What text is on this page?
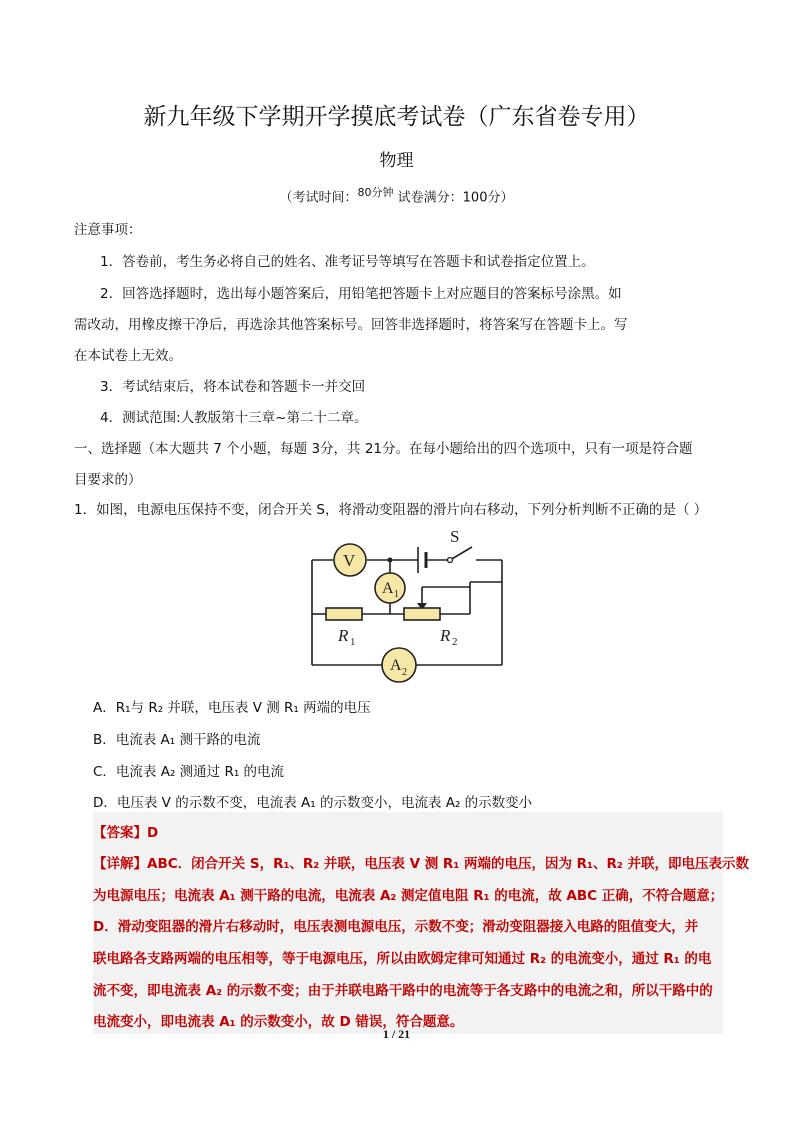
新九年级下学期开学摸底考试卷（广东省卷专用）
物理
（考试时间：$^{80分钟}$ 试卷满分：100分）
注意事项：
1．答卷前，考生务必将自己的姓名、准考证号等填写在答题卡和试卷指定位置上。
2．回答选择题时，选出每小题答案后，用铅笔把答题卡上对应题目的答案标号涂黑。如
需改动，用橡皮擦干净后，再选涂其他答案标号。回答非选择题时，将答案写在答题卡上。写
在本试卷上无效。
3．考试结束后，将本试卷和答题卡一并交回
4．测试范围:人教版第十三章~第二十二章。
一、选择题（本大题共 7 个小题，每题 3分，共 21分。在每小题给出的四个选项中，只有一项是符合题
目要求的）
1．如图，电源电压保持不变，闭合开关 S，将滑动变阻器的滑片向右移动，下列分析判断不正确的是（ ）
S
V
A 1
A 2
R 1	R 2
A．R₁与 R₂ 并联，电压表 V 测 R₁ 两端的电压
B．电流表 A₁ 测干路的电流
C．电流表 A₂ 测通过 R₁ 的电流
D．电压表 V 的示数不变，电流表 A₁ 的示数变小，电流表 A₂ 的示数变小
【答案】D
【详解】ABC．闭合开关 S，R₁、R₂ 并联，电压表 V 测 R₁ 两端的电压，因为 R₁、R₂ 并联，即电压表示数
为电源电压；电流表 A₁ 测干路的电流，电流表 A₂ 测定值电阻 R₁ 的电流，故 ABC 正确，不符合题意；
D．滑动变阻器的滑片右移动时，电压表测电源电压，示数不变；滑动变阻器接入电路的阻值变大，并
联电路各支路两端的电压相等，等于电源电压，所以由欧姆定律可知通过 R₂ 的电流变小，通过 R₁ 的电
流不变，即电流表 A₂ 的示数不变；由于并联电路干路中的电流等于各支路中的电流之和，所以干路中的
电流变小，即电流表 A₁ 的示数变小，故 D 错误，符合题意。
1 / 21
